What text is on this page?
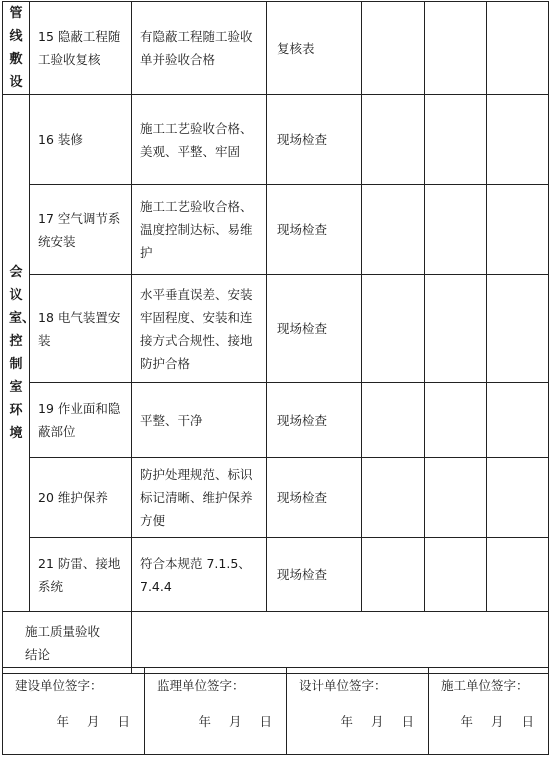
管线敷设	15 隐蔽工程随工验收复核	有隐蔽工程随工验收单并验收合格	复核表			

会议室、控制室环境	16 装修	施工工艺验收合格、美观、平整、牢固	现场检查			
	17 空气调节系统安装	施工工艺验收合格、温度控制达标、易维护	现场检查			
	18 电气装置安装	水平垂直误差、安装牢固程度、安装和连接方式合规性、接地防护合格	现场检查			
	19 作业面和隐蔽部位	平整、干净	现场检查			
	20 维护保养	防护处理规范、标识标记清晰、维护保养方便	现场检查			
	21 防雷、接地系统	符合本规范 7.1.5、7.4.4	现场检查			

施工质量验收结论						

建设单位签字：
年 月 日

监理单位签字：
年 月 日

设计单位签字：
年 月 日

施工单位签字：
年 月 日
